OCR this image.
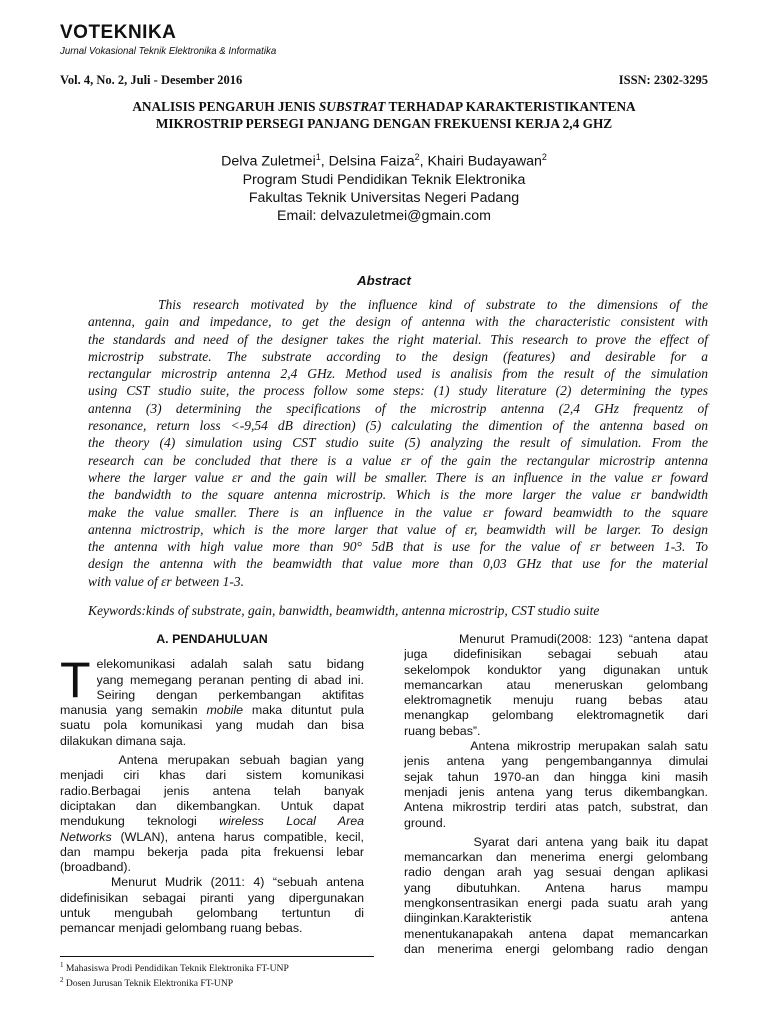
VOTEKNIKA
Jurnal Vokasional Teknik Elektronika & Informatika
Vol. 4, No. 2, Juli - Desember 2016	ISSN: 2302-3295
ANALISIS PENGARUH JENIS SUBSTRAT TERHADAP KARAKTERISTIKANTENA
MIKROSTRIP PERSEGI PANJANG DENGAN FREKUENSI KERJA 2,4 GHZ
Delva Zuletmei$^1$, Delsina Faiza$^2$, Khairi Budayawan$^2$
Program Studi Pendidikan Teknik Elektronika
Fakultas Teknik Universitas Negeri Padang
Email: delvazuletmei@gmain.com
Abstract
This research motivated by the influence kind of substrate to the dimensions of the
antenna, gain and impedance, to get the design of antenna with the characteristic consistent with
the standards and need of the designer takes the right material. This research to prove the effect of
microstrip substrate. The substrate according to the design (features) and desirable for a
rectangular microstrip antenna 2,4 GHz. Method used is analisis from the result of the simulation
using CST studio suite, the process follow some steps: (1) study literature (2) determining the types
antenna (3) determining the specifications of the microstrip antenna (2,4 GHz frequentz of
resonance, return loss <-9,54 dB direction) (5) calculating the dimention of the antenna based on
the theory (4) simulation using CST studio suite (5) analyzing the result of simulation. From the
research can be concluded that there is a value ɛr of the gain the rectangular microstrip antenna
where the larger value ɛr and the gain will be smaller. There is an influence in the value ɛr foward
the bandwidth to the square antenna microstrip. Which is the more larger the value ɛr bandwidth
make the value smaller. There is an influence in the value ɛr foward beamwidth to the square
antenna mictrostrip, which is the more larger that value of ɛr, beamwidth will be larger. To design
the antenna with high value more than 90° 5dB that is use for the value of ɛr between 1-3. To
design the antenna with the beamwidth that value more than 0,03 GHz that use for the material
with value of ɛr between 1-3.
Keywords:kinds of substrate, gain, banwidth, beamwidth, antenna microstrip, CST studio suite

A. PENDAHULUAN

T elekomunikasi adalah salah satu bidang
yang memegang peranan penting di abad ini.
Seiring dengan perkembangan aktifitas
manusia yang semakin mobile maka dituntut pula
suatu pola komunikasi yang mudah dan bisa
dilakukan dimana saja.
Antena merupakan sebuah bagian yang
menjadi ciri khas dari sistem komunikasi
radio.Berbagai jenis antena telah banyak
diciptakan dan dikembangkan. Untuk dapat
mendukung teknologi wireless Local Area
Networks (WLAN), antena harus compatible, kecil,
dan mampu bekerja pada pita frekuensi lebar
(broadband).
Menurut Mudrik (2011: 4) “sebuah antena
didefinisikan sebagai piranti yang dipergunakan
untuk mengubah gelombang tertuntun di
pemancar menjadi gelombang ruang bebas.
Menurut Pramudi(2008: 123) “antena dapat
juga didefinisikan sebagai sebuah atau
sekelompok konduktor yang digunakan untuk
memancarkan atau meneruskan gelombang
elektromagnetik menuju ruang bebas atau
menangkap gelombang elektromagnetik dari
ruang bebas”.
Antena mikrostrip merupakan salah satu
jenis antena yang pengembangannya dimulai
sejak tahun 1970-an dan hingga kini masih
menjadi jenis antena yang terus dikembangkan.
Antena mikrostrip terdiri atas patch, substrat, dan
ground.
Syarat dari antena yang baik itu dapat
memancarkan dan menerima energi gelombang
radio dengan arah yag sesuai dengan aplikasi
yang dibutuhkan. Antena harus mampu
mengkonsentrasikan energi pada suatu arah yang
diinginkan.Karakteristik antena
menentukanapakah antena dapat memancarkan
dan menerima energi gelombang radio dengan
$^1$ Mahasiswa Prodi Pendidikan Teknik Elektronika FT-UNP
$^2$ Dosen Jurusan Teknik Elektronika FT-UNP
